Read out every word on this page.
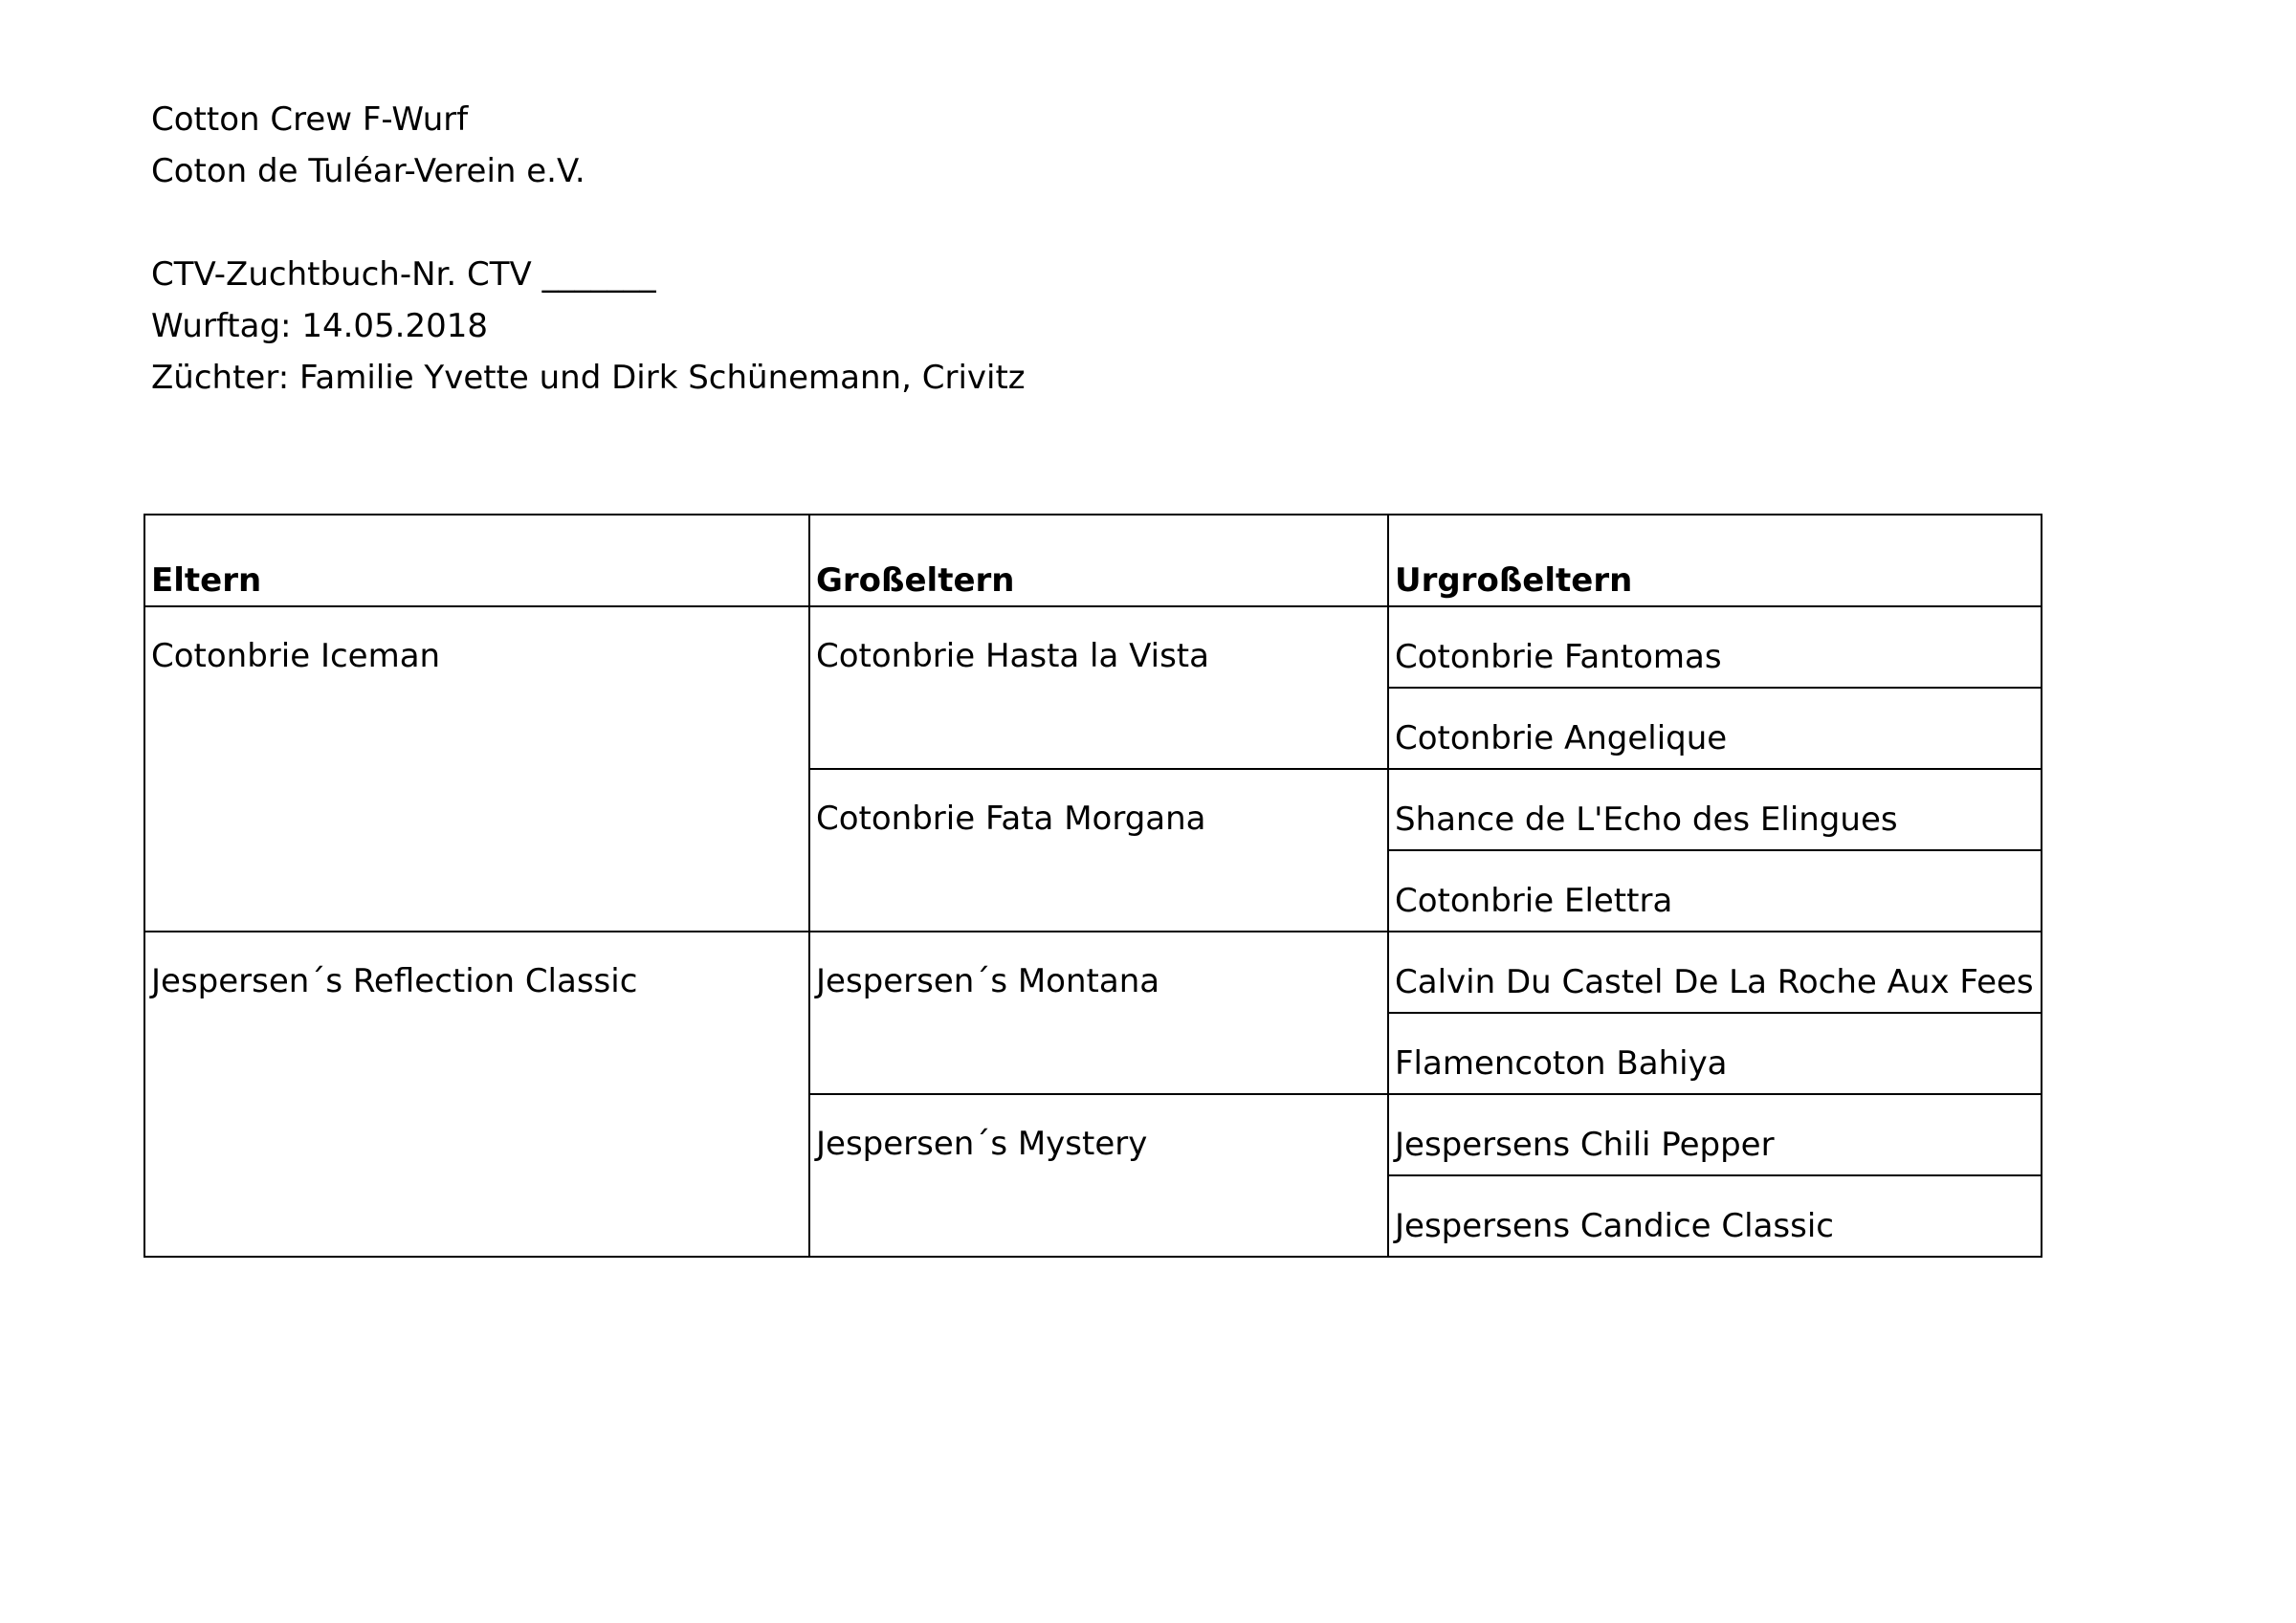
Cotton Crew F-Wurf
Coton de Tuléar-Verein e.V.
CTV-Zuchtbuch-Nr. CTV _______
Wurftag: 14.05.2018
Züchter: Familie Yvette und Dirk Schünemann, Crivitz
Eltern	Großeltern	Urgroßeltern
Cotonbrie Iceman	Cotonbrie Hasta la Vista	Cotonbrie Fantomas
		Cotonbrie Angelique
	Cotonbrie Fata Morgana	Shance de L'Echo des Elingues
		Cotonbrie Elettra
Jespersen´s Reflection Classic	Jespersen´s Montana	Calvin Du Castel De La Roche Aux Fees
		Flamencoton Bahiya
	Jespersen´s Mystery	Jespersens Chili Pepper
		Jespersens Candice Classic
